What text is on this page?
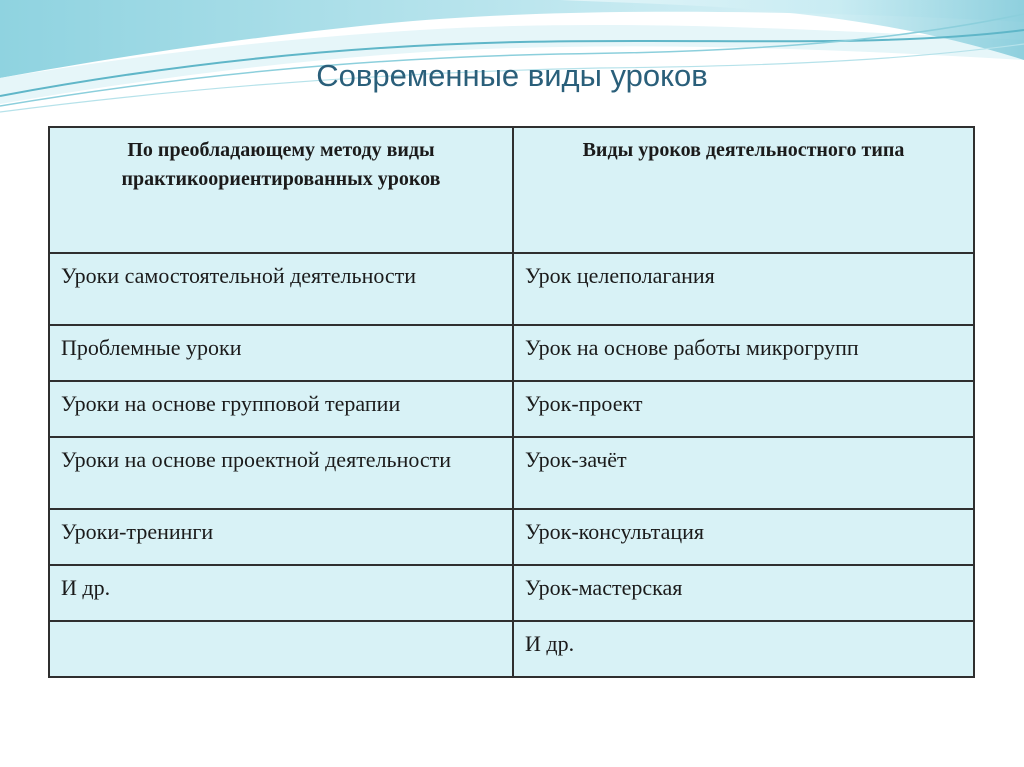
Современные виды уроков
По преобладающему методу виды практикоориентированных уроков	Виды уроков деятельностного типа
Уроки самостоятельной деятельности	Урок целеполагания
Проблемные уроки	Урок на основе работы микрогрупп
Уроки на основе групповой терапии	Урок-проект
Уроки на основе проектной деятельности	Урок-зачёт
Уроки-тренинги	Урок-консультация
И др.	Урок-мастерская
	И др.
